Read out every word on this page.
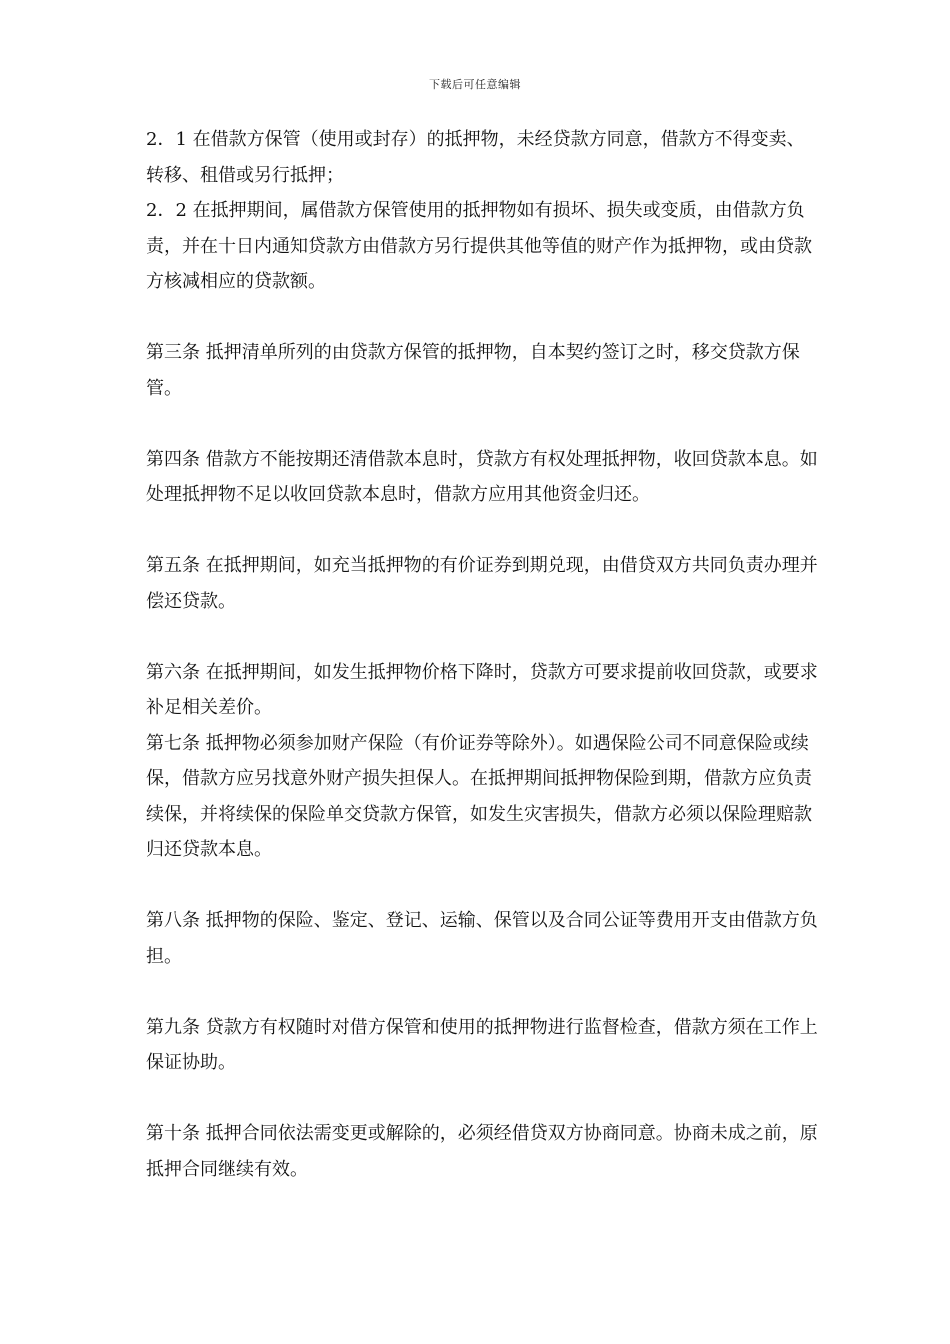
下载后可任意编辑

2．1 在借款方保管（使用或封存）的抵押物，未经贷款方同意，借款方不得变卖、转移、租借或另行抵押；

2．2 在抵押期间，属借款方保管使用的抵押物如有损坏、损失或变质，由借款方负责，并在十日内通知贷款方由借款方另行提供其他等值的财产作为抵押物，或由贷款方核减相应的贷款额。

第三条 抵押清单所列的由贷款方保管的抵押物，自本契约签订之时，移交贷款方保管。

第四条 借款方不能按期还清借款本息时，贷款方有权处理抵押物，收回贷款本息。如处理抵押物不足以收回贷款本息时，借款方应用其他资金归还。

第五条 在抵押期间，如充当抵押物的有价证券到期兑现，由借贷双方共同负责办理并偿还贷款。

第六条 在抵押期间，如发生抵押物价格下降时，贷款方可要求提前收回贷款，或要求补足相关差价。

第七条 抵押物必须参加财产保险（有价证券等除外）。如遇保险公司不同意保险或续保，借款方应另找意外财产损失担保人。在抵押期间抵押物保险到期，借款方应负责续保，并将续保的保险单交贷款方保管，如发生灾害损失，借款方必须以保险理赔款归还贷款本息。

第八条 抵押物的保险、鉴定、登记、运输、保管以及合同公证等费用开支由借款方负担。

第九条 贷款方有权随时对借方保管和使用的抵押物进行监督检查，借款方须在工作上保证协助。

第十条 抵押合同依法需变更或解除的，必须经借贷双方协商同意。协商未成之前，原抵押合同继续有效。
